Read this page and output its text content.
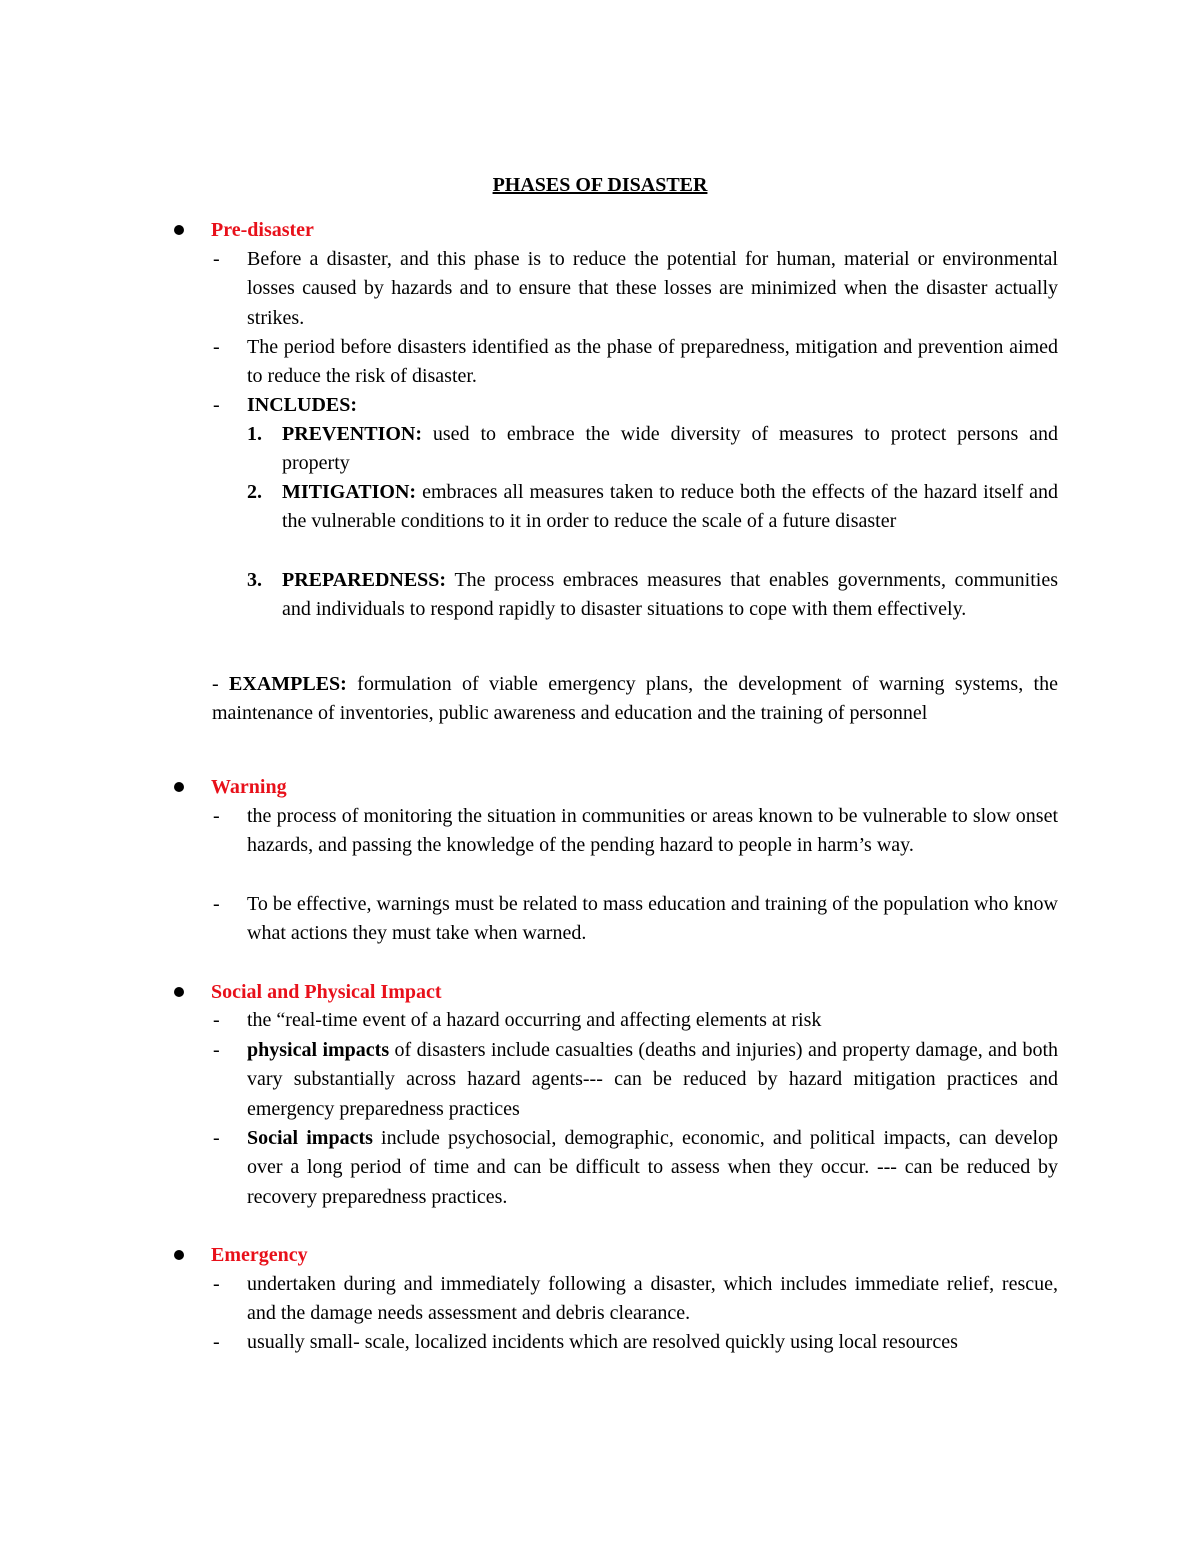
PHASES OF DISASTER
Pre-disaster
- Before a disaster, and this phase is to reduce the potential for human, material or environmental losses caused by hazards and to ensure that these losses are minimized when the disaster actually strikes.
- The period before disasters identified as the phase of preparedness, mitigation and prevention aimed to reduce the risk of disaster.
- INCLUDES:
1. PREVENTION: used to embrace the wide diversity of measures to protect persons and property
2. MITIGATION: embraces all measures taken to reduce both the effects of the hazard itself and the vulnerable conditions to it in order to reduce the scale of a future disaster
3. PREPAREDNESS: The process embraces measures that enables governments, communities and individuals to respond rapidly to disaster situations to cope with them effectively.
- EXAMPLES: formulation of viable emergency plans, the development of warning systems, the maintenance of inventories, public awareness and education and the training of personnel
Warning
- the process of monitoring the situation in communities or areas known to be vulnerable to slow onset hazards, and passing the knowledge of the pending hazard to people in harm’s way.
- To be effective, warnings must be related to mass education and training of the population who know what actions they must take when warned.
Social and Physical Impact
- the “real-time event of a hazard occurring and affecting elements at risk
- physical impacts of disasters include casualties (deaths and injuries) and property damage, and both vary substantially across hazard agents--- can be reduced by hazard mitigation practices and emergency preparedness practices
- Social impacts include psychosocial, demographic, economic, and political impacts, can develop over a long period of time and can be difficult to assess when they occur. --- can be reduced by recovery preparedness practices.
Emergency
- undertaken during and immediately following a disaster, which includes immediate relief, rescue, and the damage needs assessment and debris clearance.
- usually small- scale, localized incidents which are resolved quickly using local resources
